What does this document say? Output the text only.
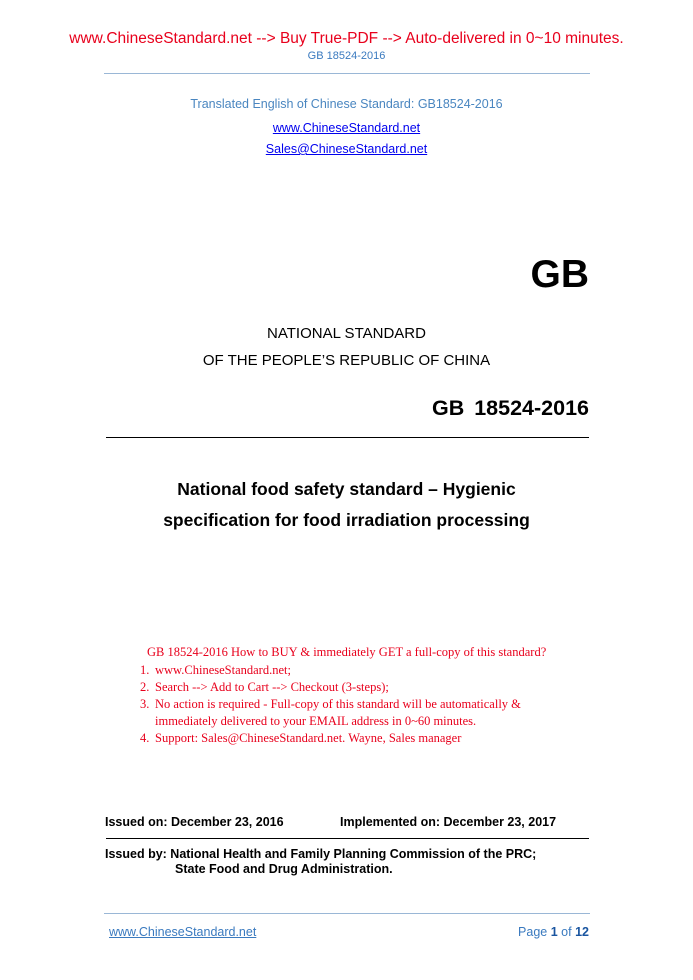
www.ChineseStandard.net --> Buy True-PDF --> Auto-delivered in 0~10 minutes.
GB 18524-2016
Translated English of Chinese Standard: GB18524-2016
www.ChineseStandard.net
Sales@ChineseStandard.net
GB
NATIONAL STANDARD
OF THE PEOPLE’S REPUBLIC OF CHINA
GB 18524-2016
National food safety standard – Hygienic
specification for food irradiation processing
GB 18524-2016 How to BUY & immediately GET a full-copy of this standard?
1. www.ChineseStandard.net;
2. Search --> Add to Cart --> Checkout (3-steps);
3. No action is required - Full-copy of this standard will be automatically & immediately delivered to your EMAIL address in 0~60 minutes.
4. Support: Sales@ChineseStandard.net. Wayne, Sales manager
Issued on: December 23, 2016	Implemented on: December 23, 2017
Issued by: National Health and Family Planning Commission of the PRC;
State Food and Drug Administration.
www.ChineseStandard.net	Page 1 of 12
